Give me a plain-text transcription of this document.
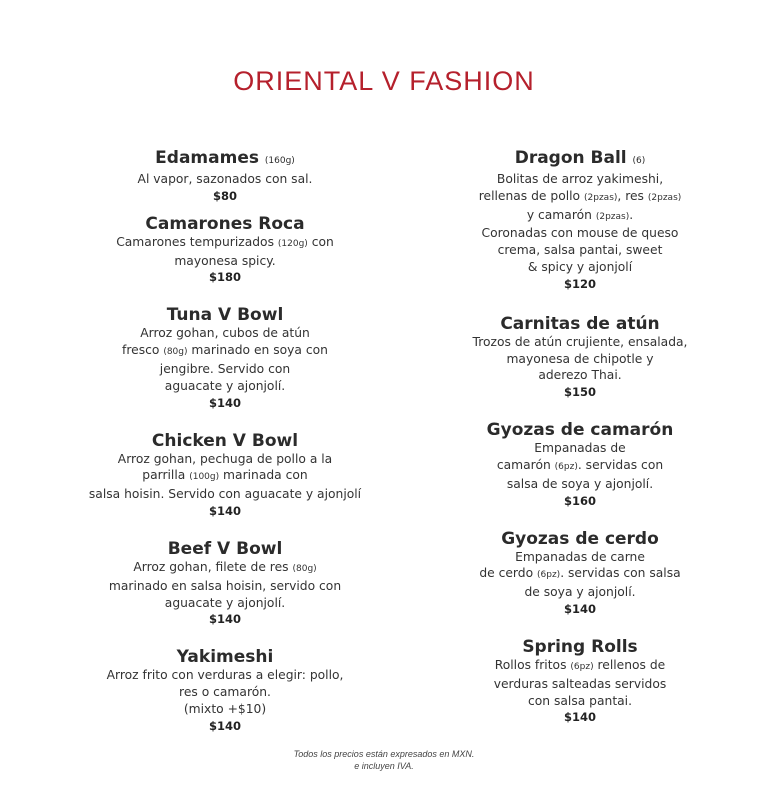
ORIENTAL V FASHION
Edamames (160g)
Al vapor, sazonados con sal.
$80
Camarones Roca
Camarones tempurizados (120g) con
mayonesa spicy.
$180
Tuna V Bowl
Arroz gohan, cubos de atún
fresco (80g) marinado en soya con
jengibre. Servido con
aguacate y ajonjolí.
$140
Chicken V Bowl
Arroz gohan, pechuga de pollo a la
parrilla (100g) marinada con
salsa hoisin. Servido con aguacate y ajonjolí
$140
Beef V Bowl
Arroz gohan, filete de res (80g)
marinado en salsa hoisin, servido con
aguacate y ajonjolí.
$140
Yakimeshi
Arroz frito con verduras a elegir: pollo,
res o camarón.
(mixto +$10)
$140
Dragon Ball (6)
Bolitas de arroz yakimeshi,
rellenas de pollo (2pzas), res (2pzas)
y camarón (2pzas).
Coronadas con mouse de queso
crema, salsa pantai, sweet
& spicy y ajonjolí
$120
Carnitas de atún
Trozos de atún crujiente, ensalada,
mayonesa de chipotle y
aderezo Thai.
$150
Gyozas de camarón
Empanadas de
camarón (6pz). servidas con
salsa de soya y ajonjolí.
$160
Gyozas de cerdo
Empanadas de carne
de cerdo (6pz). servidas con salsa
de soya y ajonjolí.
$140
Spring Rolls
Rollos fritos (6pz) rellenos de
verduras salteadas servidos
con salsa pantai.
$140
Todos los precios están expresados en MXN.
e incluyen IVA.
